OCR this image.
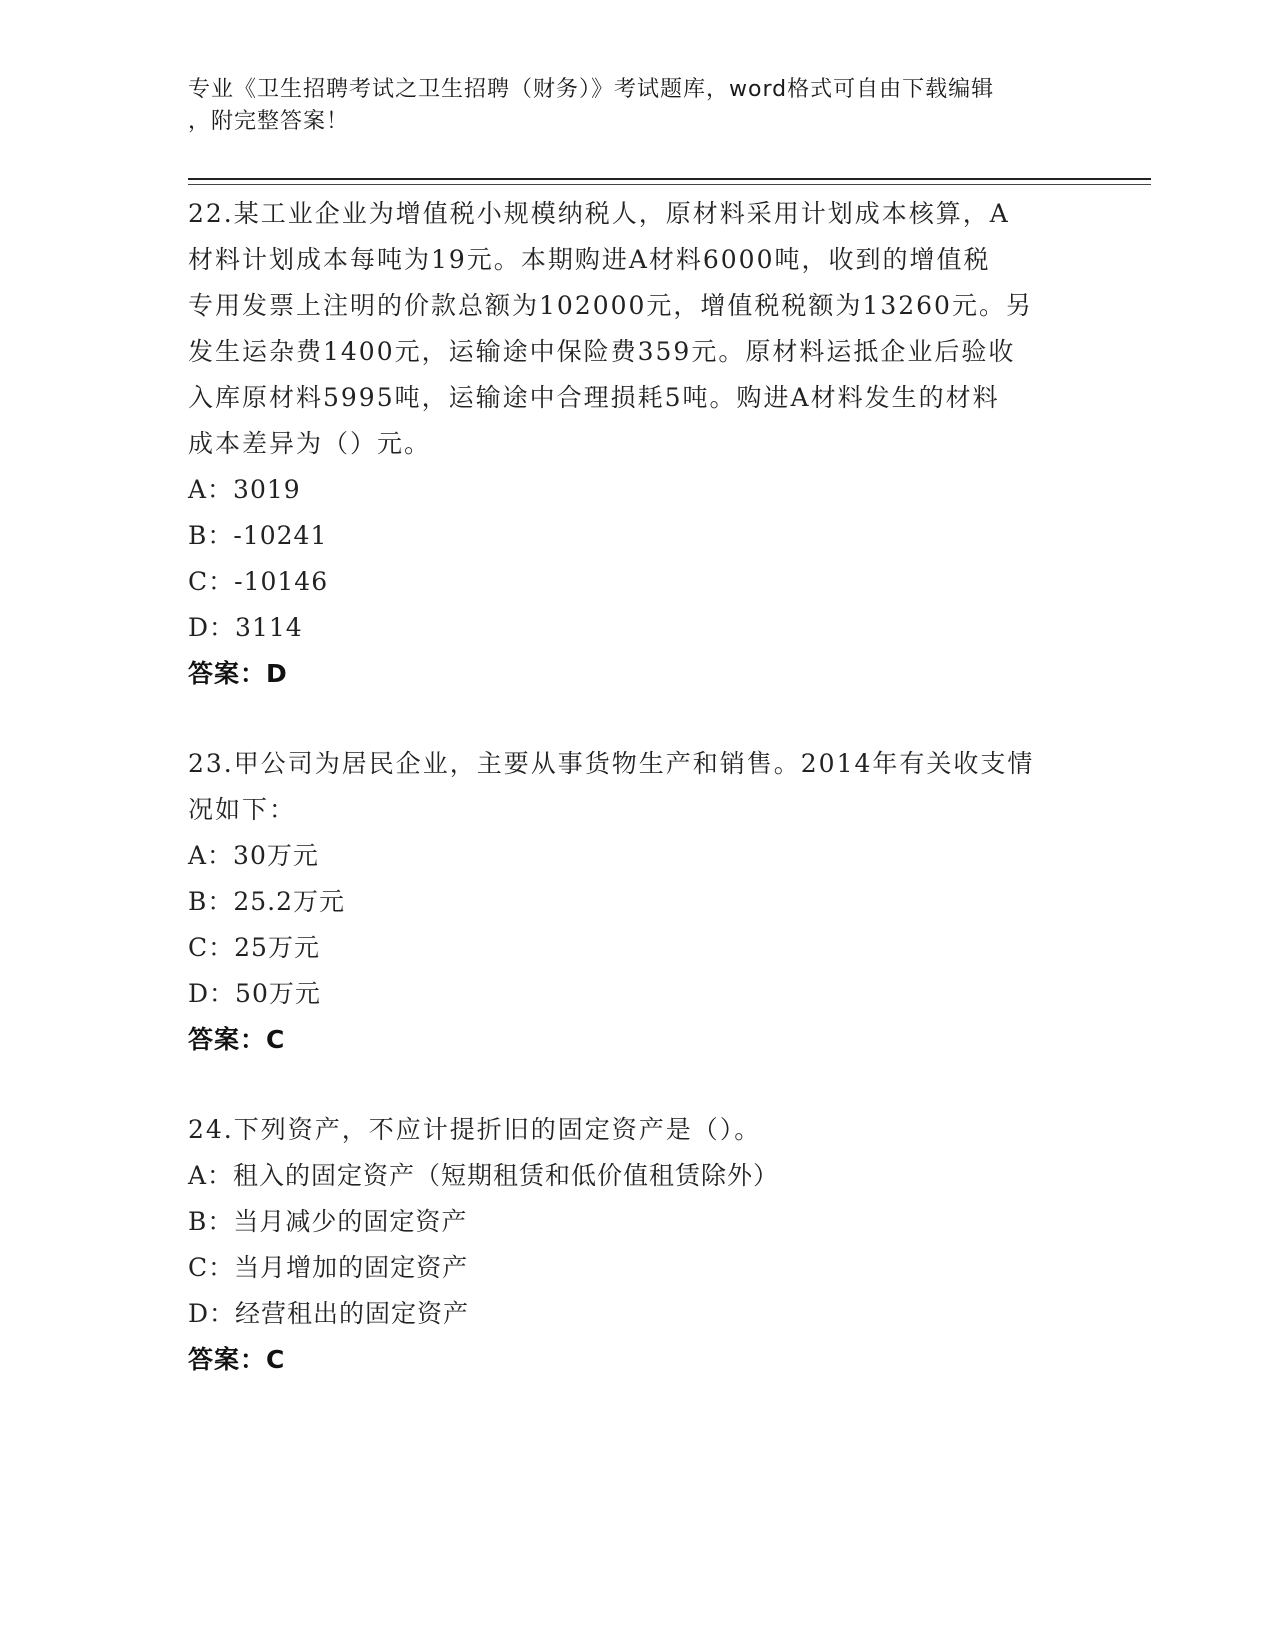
专业《卫生招聘考试之卫生招聘（财务）》考试题库，word格式可自由下载编辑
，附完整答案！
22.某工业企业为增值税小规模纳税人，原材料采用计划成本核算，A
材料计划成本每吨为19元。本期购进A材料6000吨，收到的增值税
专用发票上注明的价款总额为102000元，增值税税额为13260元。另
发生运杂费1400元，运输途中保险费359元。原材料运抵企业后验收
入库原材料5995吨，运输途中合理损耗5吨。购进A材料发生的材料
成本差异为（）元。
A：3019
B：-10241
C：-10146
D：3114
答案：D
23.甲公司为居民企业，主要从事货物生产和销售。2014年有关收支情
况如下：
A：30万元
B：25.2万元
C：25万元
D：50万元
答案：C
24.下列资产，不应计提折旧的固定资产是（）。
A：租入的固定资产（短期租赁和低价值租赁除外）
B：当月减少的固定资产
C：当月增加的固定资产
D：经营租出的固定资产
答案：C
